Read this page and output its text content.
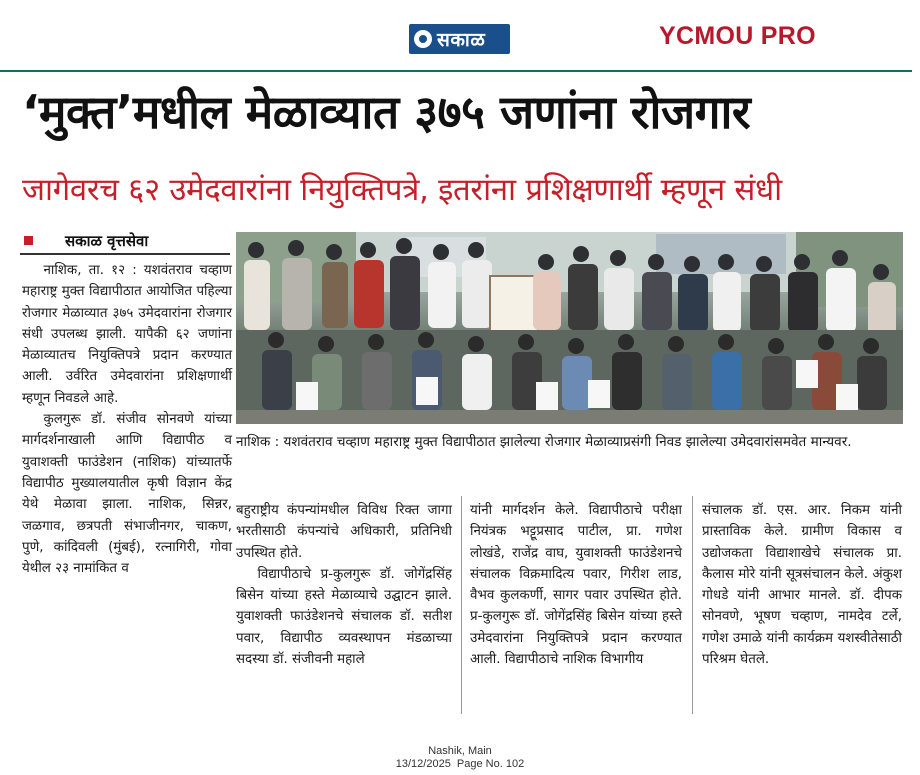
सकाळ	YCMOU PRO
‘मुक्त’मधील मेळाव्यात ३७५ जणांना रोजगार
जागेवरच ६२ उमेदवारांना नियुक्तिपत्रे, इतरांना प्रशिक्षणार्थी म्हणून संधी
सकाळ वृत्तसेवा

नाशिक, ता. १२ : यशवंतराव चव्हाण महाराष्ट्र मुक्त विद्यापीठात आयोजित पहिल्या रोजगार मेळाव्यात ३७५ उमेदवारांना रोजगार संधी उपलब्ध झाली. यापैकी ६२ जणांना मेळाव्यातच नियुक्तिपत्रे प्रदान करण्यात आली. उर्वरित उमेदवारांना प्रशिक्षणार्थी म्हणून निवडले आहे.

कुलगुरू डॉ. संजीव सोनवणे यांच्या मार्गदर्शनाखाली आणि विद्यापीठ व युवाशक्ती फाउंडेशन (नाशिक) यांच्यातर्फे विद्यापीठ मुख्यालयातील कृषी विज्ञान केंद्र येथे मेळावा झाला. नाशिक, सिन्नर, जळगाव, छत्रपती संभाजीनगर, चाकण, पुणे, कांदिवली (मुंबई), रत्नागिरी, गोवा येथील २३ नामांकित व

नाशिक : यशवंतराव चव्हाण महाराष्ट्र मुक्त विद्यापीठात झालेल्या रोजगार मेळाव्याप्रसंगी निवड झालेल्या उमेदवारांसमवेत मान्यवर.

बहुराष्ट्रीय कंपन्यांमधील विविध रिक्त जागा भरतीसाठी कंपन्यांचे अधिकारी, प्रतिनिधी उपस्थित होते.

विद्यापीठाचे प्र-कुलगुरू डॉ. जोगेंद्रसिंह बिसेन यांच्या हस्ते मेळाव्याचे उद्घाटन झाले. युवाशक्ती फाउंडेशनचे संचालक डॉ. सतीश पवार, विद्यापीठ व्यवस्थापन मंडळाच्या सदस्या डॉ. संजीवनी महाले

यांनी मार्गदर्शन केले. विद्यापीठाचे परीक्षा नियंत्रक भट्टूप्रसाद पाटील, प्रा. गणेश लोखंडे, राजेंद्र वाघ, युवाशक्ती फाउंडेशनचे संचालक विक्रमादित्य पवार, गिरीश लाड, वैभव कुलकर्णी, सागर पवार उपस्थित होते. प्र-कुलगुरू डॉ. जोगेंद्रसिंह बिसेन यांच्या हस्ते उमेदवारांना नियुक्तिपत्रे प्रदान करण्यात आली. विद्यापीठाचे नाशिक विभागीय

संचालक डॉ. एस. आर. निकम यांनी प्रास्ताविक केले. ग्रामीण विकास व उद्योजकता विद्याशाखेचे संचालक प्रा. कैलास मोरे यांनी सूत्रसंचालन केले. अंकुश गोधडे यांनी आभार मानले. डॉ. दीपक सोनवणे, भूषण चव्हाण, नामदेव टर्ले, गणेश उमाळे यांनी कार्यक्रम यशस्वीतेसाठी परिश्रम घेतले.

Nashik, Main
13/12/2025  Page No. 102
